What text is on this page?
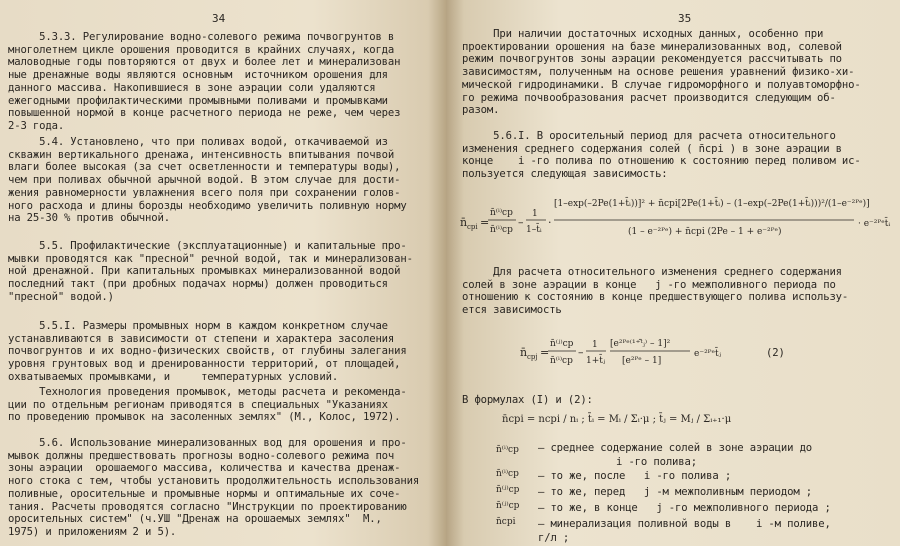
34
5.3.3. Регулирование водно-солевого режима почвогрунтов в
многолетнем цикле орошения проводится в крайних случаях, когда
маловодные годы повторяются от двух и более лет и минерализован
ные дренажные воды являются основным  источником орошения для
данного массива. Накопившиеся в зоне аэрации соли удаляются
ежегодными профилактическими промывными поливами и промывками
повышенной нормой в конце расчетного периода не реже, чем через
2-3 года.
5.4. Установлено, что при поливах водой, откачиваемой из
скважин вертикального дренажа, интенсивность впитывания почвой
влаги более высокая (за счет осветленности и температуры воды),
чем при поливах обычной арычной водой. В этом случае для дости-
жения равномерности увлажнения всего поля при сохранении голов-
ного расхода и длины борозды необходимо увеличить поливную норму
на 25-30 % против обычной.
5.5. Профилактические (эксплуатационные) и капитальные про-
мывки проводятся как "пресной" речной водой, так и минерализован-
ной дренажной. При капитальных промывках минерализованной водой
последний такт (при дробных подачах нормы) должен проводиться
"пресной" водой.)
5.5.I. Размеры промывных норм в каждом конкретном случае
устанавливаются в зависимости от степени и характера засоления
почвогрунтов и их водно-физических свойств, от глубины залегания
уровня грунтовых вод и дренированности территорий, от площадей,
охватываемых промывками, и     температурных условий.
Технология проведения промывок, методы расчета и рекоменда-
ции по отдельным регионам приводятся в специальных "Указаниях
по проведению промывок на засоленных землях" (М., Колос, 1972).
5.6. Использование минерализованных вод для орошения и про-
мывок должны предшествовать прогнозы водно-солевого режима поч
зоны аэрации  орошаемого массива, количества и качества дренаж-
ного стока с тем, чтобы установить продолжительность использования
поливные, оросительные и промывные нормы и оптимальные их соче-
тания. Расчеты проводятся согласно "Инструкции по проектированию
оросительных систем" (ч.УШ "Дренаж на орошаемых землях"  М.,
1975) и приложениям 2 и 5).
35
При наличии достаточных исходных данных, особенно при
проектировании орошения на базе минерализованных вод, солевой
режим почвогрунтов зоны аэрации рекомендуется рассчитывать по
зависимостям, полученным на основе решения уравнений физико-хи-
мической гидродинамики. В случае гидроморфного и полуавтоморфно-
го режима почвообразования расчет производится следующим об-
разом.
5.6.I. В оросительный период для расчета относительного
изменения среднего содержания солей ( n̄cpi ) в зоне аэрации в
конце    i -го полива по отношению к состоянию перед поливом ис-
пользуется следующая зависимость:
n̄ cpi =
n̄⁽ⁱ⁾cp
n̄⁽ⁱ⁾cp
–
1
1–t̄ᵢ
·
[1–exp(–2Pe(1+t̄ᵢ))]² + n̄cpi[2Pe(1+t̄ᵢ) – (1–exp(–2Pe(1+t̄ᵢ)))²/(1–e⁻²ᴾᵉ)]
(1 – e⁻²ᴾᵉ) + n̄cpi (2Pe – 1 + e⁻²ᴾᵉ)
· e⁻²ᴾᵉt̄ᵢ
Для расчета относительного изменения среднего содержания
солей в зоне аэрации в конце   j -го межполивного периода по
отношению к состоянию в конце предшествующего полива использу-
ется зависимость
n̄ cpj =
n̄⁽ʲ⁾cp
n̄⁽ⁱ⁾cp
–
1
1+t̄ⱼ
[e²ᴾᵉ⁽¹⁺ᵗ̄ⱼ⁾ – 1]²
[e²ᴾᵉ – 1]
e⁻²ᴾᵉt̄ⱼ	(2)
В формулах (I) и (2):
n̄cpi = ncpi / nᵢ ; t̄ᵢ = Mᵢ / Σᵢ·μ ; t̄ⱼ = Mⱼ / Σᵢ₊₁·μ
n̄⁽ⁱ⁾cp
n̄⁽ⁱ⁾cp
n̄⁽ʲ⁾cp
n̄⁽ʲ⁾cp
n̄cpi
– среднее содержание солей в зоне аэрации до
i -го полива;
– то же, после   i -го полива ;
– то же, перед   j -м межполивным периодом ;
– то же, в конце   j -го межполивного периода ;
– минерализация поливной воды в    i -м поливе,
г/л ;
